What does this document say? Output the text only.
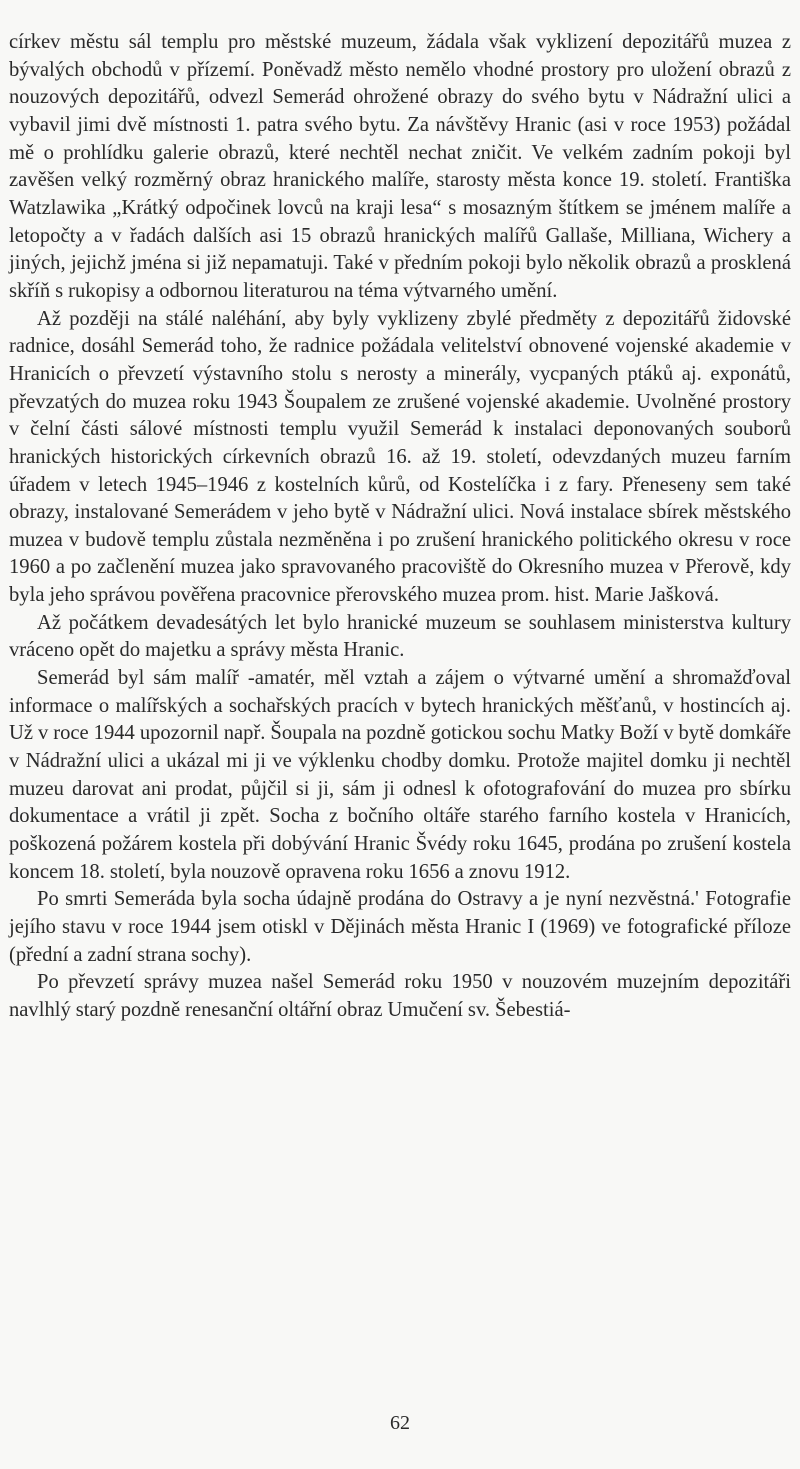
církev městu sál templu pro městské muzeum, žádala však vyklizení depozitářů muzea z bývalých obchodů v přízemí. Poněvadž město nemělo vhodné prostory pro uložení obrazů z nouzových depozitářů, odvezl Semerád ohrožené obrazy do svého bytu v Nádražní ulici a vybavil jimi dvě místnosti 1. patra svého bytu. Za návštěvy Hranic (asi v roce 1953) požádal mě o prohlídku galerie obrazů, které nechtěl nechat zničit. Ve velkém zadním pokoji byl zavěšen velký rozměrný obraz hranického malíře, starosty města konce 19. století. Františka Watzlawika „Krátký odpočinek lovců na kraji lesa“ s mosazným štítkem se jménem malíře a letopočty a v řadách dalších asi 15 obrazů hranických malířů Gallaše, Milliana, Wichery a jiných, jejichž jména si již nepamatuji. Také v předním pokoji bylo několik obrazů a prosklená skříň s rukopisy a odbornou literaturou na téma výtvarného umění.

Až později na stálé naléhání, aby byly vyklizeny zbylé předměty z depozitářů židovské radnice, dosáhl Semerád toho, že radnice požádala velitelství obnovené vojenské akademie v Hranicích o převzetí výstavního stolu s nerosty a minerály, vycpaných ptáků aj. exponátů, převzatých do muzea roku 1943 Šoupalem ze zrušené vojenské akademie. Uvolněné prostory v čelní části sálové místnosti templu využil Semerád k instalaci deponovaných souborů hranických historických církevních obrazů 16. až 19. století, odevzdaných muzeu farním úřadem v letech 1945–1946 z kostelních kůrů, od Kostelíčka i z fary. Přeneseny sem také obrazy, instalované Semerádem v jeho bytě v Nádražní ulici. Nová instalace sbírek městského muzea v budově templu zůstala nezměněna i po zrušení hranického politického okresu v roce 1960 a po začlenění muzea jako spravovaného pracoviště do Okresního muzea v Přerově, kdy byla jeho správou pověřena pracovnice přerovského muzea prom. hist. Marie Jašková.

Až počátkem devadesátých let bylo hranické muzeum se souhlasem ministerstva kultury vráceno opět do majetku a správy města Hranic.

Semerád byl sám malíř -amatér, měl vztah a zájem o výtvarné umění a shromažďoval informace o malířských a sochařských pracích v bytech hranických měšťanů, v hostincích aj. Už v roce 1944 upozornil např. Šoupala na pozdně gotickou sochu Matky Boží v bytě domkáře v Nádražní ulici a ukázal mi ji ve výklenku chodby domku. Protože majitel domku ji nechtěl muzeu darovat ani prodat, půjčil si ji, sám ji odnesl k ofotografování do muzea pro sbírku dokumentace a vrátil ji zpět. Socha z bočního oltáře starého farního kostela v Hranicích, poškozená požárem kostela při dobývání Hranic Švédy roku 1645, prodána po zrušení kostela koncem 18. století, byla nouzově opravena roku 1656 a znovu 1912.

Po smrti Semeráda byla socha údajně prodána do Ostravy a je nyní nezvěstná.' Fotografie jejího stavu v roce 1944 jsem otiskl v Dějinách města Hranic I (1969) ve fotografické příloze (přední a zadní strana sochy).

Po převzetí správy muzea našel Semerád roku 1950 v nouzovém muzejním depozitáři navlhlý starý pozdně renesanční oltářní obraz Umučení sv. Šebestiá-

62
